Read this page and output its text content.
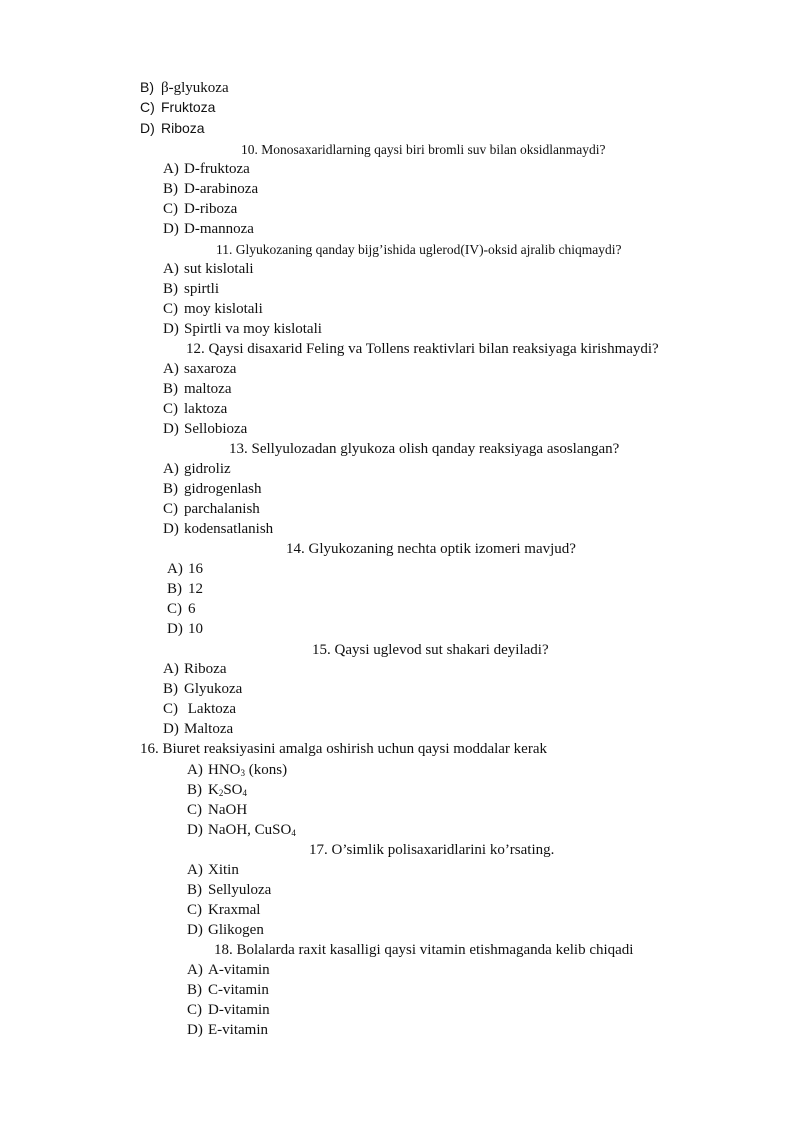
B) β-glyukoza
C) Fruktoza
D) Riboza
10. Monosaxaridlarning qaysi biri bromli suv bilan oksidlanmaydi?
A) D-fruktoza
B) D-arabinoza
C) D-riboza
D) D-mannoza
11. Glyukozaning qanday bijg’ishida uglerod(IV)-oksid ajralib chiqmaydi?
A) sut kislotali
B) spirtli
C) moy kislotali
D) Spirtli va moy kislotali
12. Qaysi disaxarid Feling va Tollens reaktivlari bilan reaksiyaga kirishmaydi?
A) saxaroza
B) maltoza
C) laktoza
D) Sellobioza
13. Sellyulozadan glyukoza olish qanday reaksiyaga asoslangan?
A) gidroliz
B) gidrogenlash
C) parchalanish
D) kodensatlanish
14. Glyukozaning nechta optik izomeri mavjud?
A) 16
B) 12
C) 6
D) 10
15. Qaysi uglevod sut shakari deyiladi?
A) Riboza
B) Glyukoza
C) Laktoza
D) Maltoza
16. Biuret reaksiyasini amalga oshirish uchun qaysi moddalar kerak
A) $HNO_3$ (kons)
B) $K_2SO_4$
C) NaOH
D) NaOH, CuSO$_4$
17. O’simlik polisaxaridlarini ko’rsating.
A) Xitin
B) Sellyuloza
C) Kraxmal
D) Glikogen
18. Bolalarda raxit kasalligi qaysi vitamin etishmaganda kelib chiqadi
A) A-vitamin
B) C-vitamin
C) D-vitamin
D) E-vitamin
